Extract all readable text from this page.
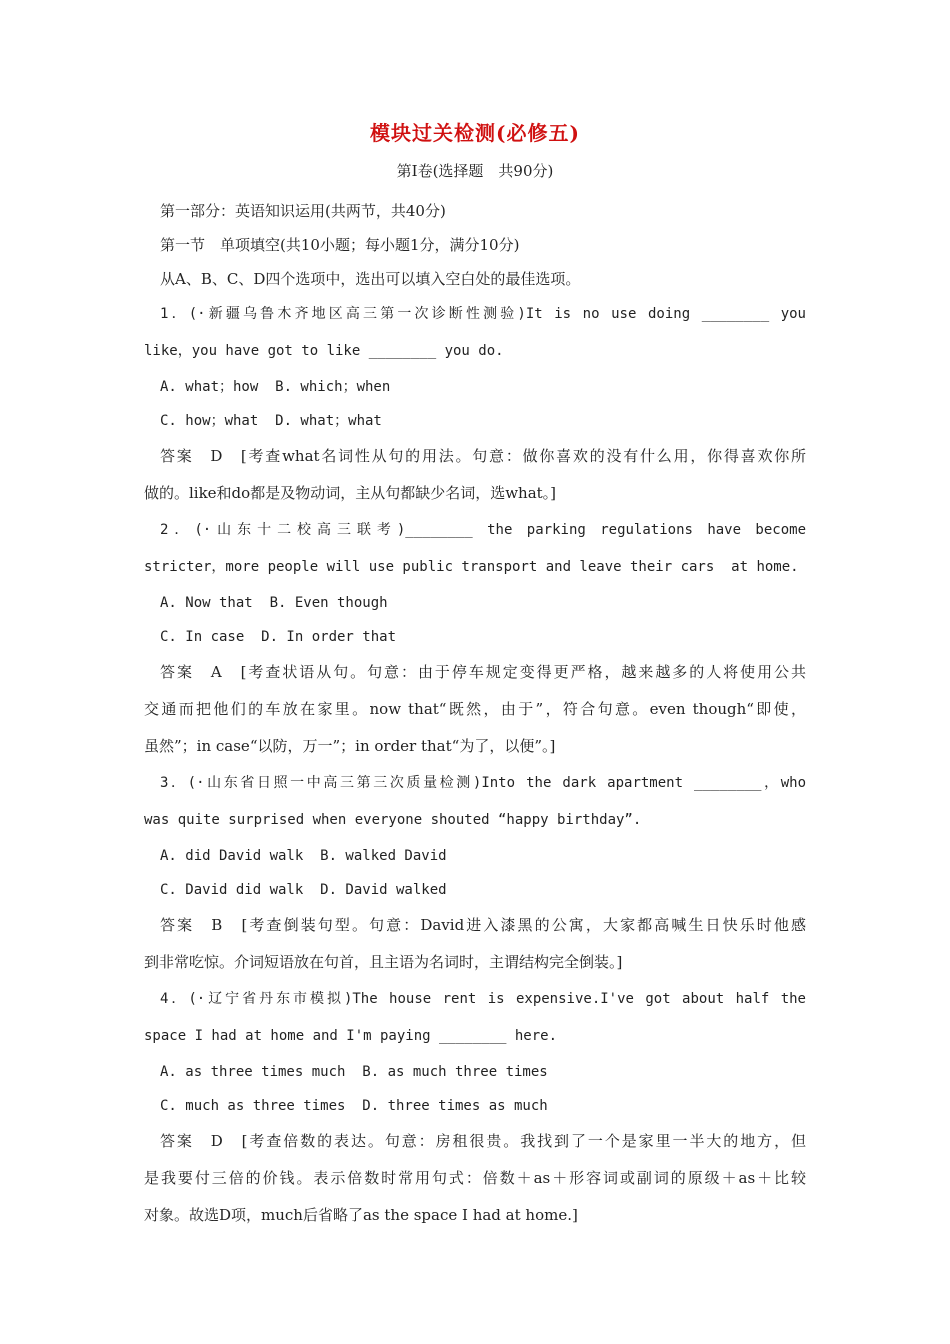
模块过关检测(必修五)
第Ⅰ卷(选择题　共90分)
第一部分：英语知识运用(共两节，共40分)
第一节　单项填空(共10小题；每小题1分，满分10分)
从A、B、C、D四个选项中，选出可以填入空白处的最佳选项。
1．(·新疆乌鲁木齐地区高三第一次诊断性测验)It is no use doing ________ you
like，you have got to like ________ you do.
A. what；how  B. which；when
C. how；what  D. what；what
答案　D　[考查what名词性从句的用法。句意：做你喜欢的没有什么用，你得喜欢你所
做的。like和do都是及物动词，主从句都缺少名词，选what。]
2．(·山东十二校高三联考)________ the parking regulations have become
stricter，more people will use public transport and leave their cars  at home.
A. Now that  B. Even though
C. In case  D. In order that
答案　A　[考查状语从句。句意：由于停车规定变得更严格，越来越多的人将使用公共
交通而把他们的车放在家里。now that“既然，由于”，符合句意。even though“即使，
虽然”；in case“以防，万一”；in order that“为了，以便”。]
3．(·山东省日照一中高三第三次质量检测)Into the dark apartment ________，who
was quite surprised when everyone shouted “happy birthday”.
A. did David walk  B. walked David
C. David did walk  D. David walked
答案　B　[考查倒装句型。句意：David进入漆黑的公寓，大家都高喊生日快乐时他感
到非常吃惊。介词短语放在句首，且主语为名词时，主谓结构完全倒装。]
4．(·辽宁省丹东市模拟)The house rent is expensive.I've got about half the
space I had at home and I'm paying ________ here.
A. as three times much  B. as much three times
C. much as three times  D. three times as much
答案　D　[考查倍数的表达。句意：房租很贵。我找到了一个是家里一半大的地方，但
是我要付三倍的价钱。表示倍数时常用句式：倍数＋as＋形容词或副词的原级＋as＋比较
对象。故选D项，much后省略了as the space I had at home.]
